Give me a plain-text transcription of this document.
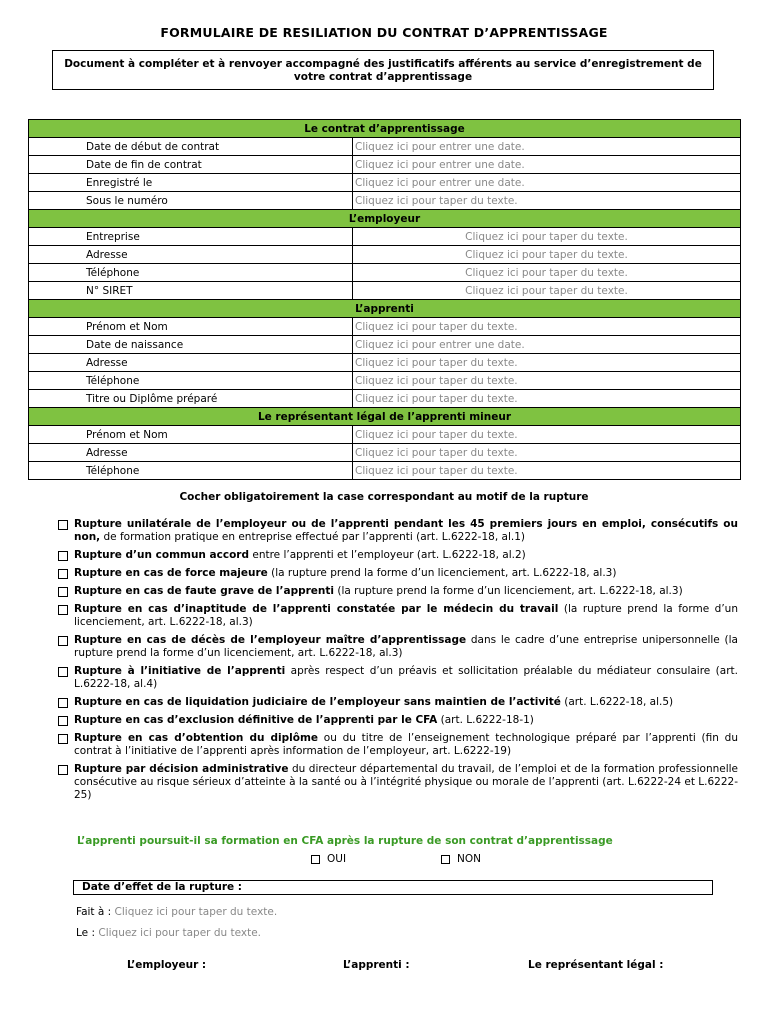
FORMULAIRE DE RESILIATION DU CONTRAT D’APPRENTISSAGE
Document à compléter et à renvoyer accompagné des justificatifs afférents au service d’enregistrement de votre contrat d’apprentissage
Le contrat d’apprentissage	
Date de début de contrat	Cliquez ici pour entrer une date.
Date de fin de contrat	Cliquez ici pour entrer une date.
Enregistré le	Cliquez ici pour entrer une date.
Sous le numéro	Cliquez ici pour taper du texte.
L’employeur	
Entreprise	Cliquez ici pour taper du texte.
Adresse	Cliquez ici pour taper du texte.
Téléphone	Cliquez ici pour taper du texte.
N° SIRET	Cliquez ici pour taper du texte.
L’apprenti	
Prénom et Nom	Cliquez ici pour taper du texte.
Date de naissance	Cliquez ici pour entrer une date.
Adresse	Cliquez ici pour taper du texte.
Téléphone	Cliquez ici pour taper du texte.
Titre ou Diplôme préparé	Cliquez ici pour taper du texte.
Le représentant légal de l’apprenti mineur	
Prénom et Nom	Cliquez ici pour taper du texte.
Adresse	Cliquez ici pour taper du texte.
Téléphone	Cliquez ici pour taper du texte.
Cocher obligatoirement la case correspondant au motif de la rupture
Rupture unilatérale de l’employeur ou de l’apprenti pendant les 45 premiers jours en emploi, consécutifs ou non, de formation pratique en entreprise effectué par l’apprenti (art. L.6222-18, al.1)
Rupture d’un commun accord entre l’apprenti et l’employeur (art. L.6222-18, al.2)
Rupture en cas de force majeure (la rupture prend la forme d’un licenciement, art. L.6222-18, al.3)
Rupture en cas de faute grave de l’apprenti (la rupture prend la forme d’un licenciement, art. L.6222-18, al.3)
Rupture en cas d’inaptitude de l’apprenti constatée par le médecin du travail (la rupture prend la forme d’un licenciement, art. L.6222-18, al.3)
Rupture en cas de décès de l’employeur maître d’apprentissage dans le cadre d’une entreprise unipersonnelle (la rupture prend la forme d’un licenciement, art. L.6222-18, al.3)
Rupture à l’initiative de l’apprenti après respect d’un préavis et sollicitation préalable du médiateur consulaire (art. L.6222-18, al.4)
Rupture en cas de liquidation judiciaire de l’employeur sans maintien de l’activité (art. L.6222-18, al.5)
Rupture en cas d’exclusion définitive de l’apprenti par le CFA (art. L.6222-18-1)
Rupture en cas d’obtention du diplôme ou du titre de l’enseignement technologique préparé par l’apprenti (fin du contrat à l’initiative de l’apprenti après information de l’employeur, art. L.6222-19)
Rupture par décision administrative du directeur départemental du travail, de l’emploi et de la formation professionnelle consécutive au risque sérieux d’atteinte à la santé ou à l’intégrité physique ou morale de l’apprenti (art. L.6222-24 et L.6222-25)
L’apprenti poursuit-il sa formation en CFA après la rupture de son contrat d’apprentissage
OUI	NON
Date d’effet de la rupture :
Fait à : Cliquez ici pour taper du texte.
Le : Cliquez ici pour taper du texte.
L’employeur :	L’apprenti :	Le représentant légal :
